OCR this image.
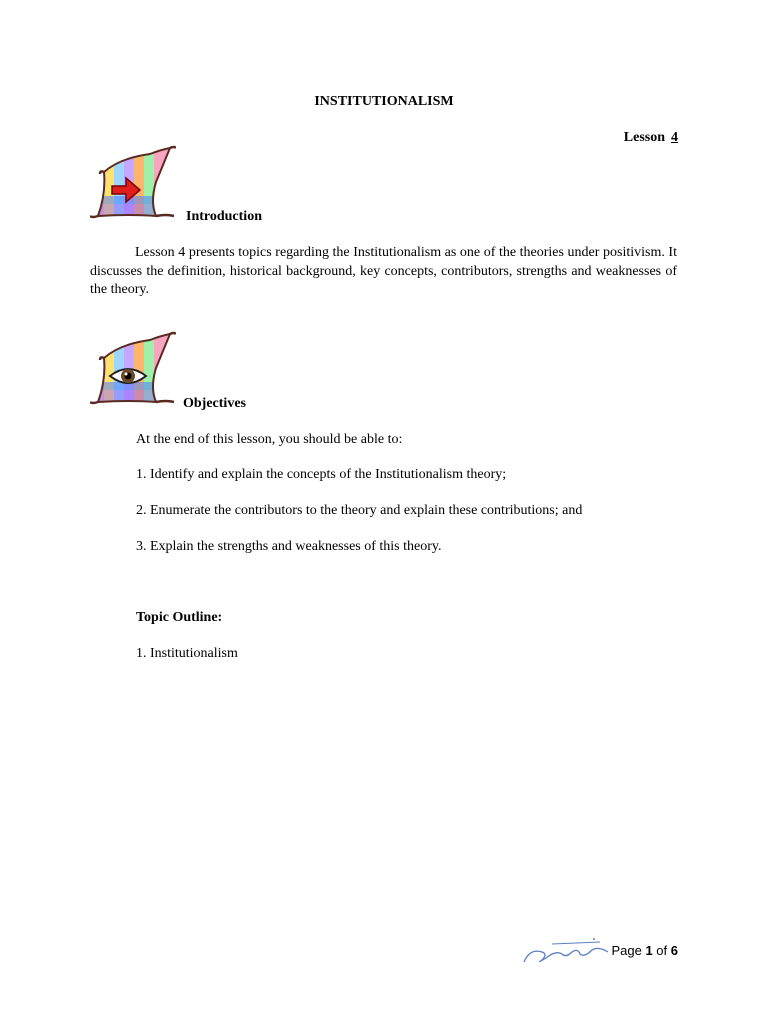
INSTITUTIONALISM
Lesson 4
Introduction

Lesson 4 presents topics regarding the Institutionalism as one of the theories under positivism. It discusses the definition, historical background, key concepts, contributors, strengths and weaknesses of the theory.

Objectives
At the end of this lesson, you should be able to:
1. Identify and explain the concepts of the Institutionalism theory;
2. Enumerate the contributors to the theory and explain these contributions; and
3. Explain the strengths and weaknesses of this theory.
Topic Outline:
1. Institutionalism
Page 1 of 6
